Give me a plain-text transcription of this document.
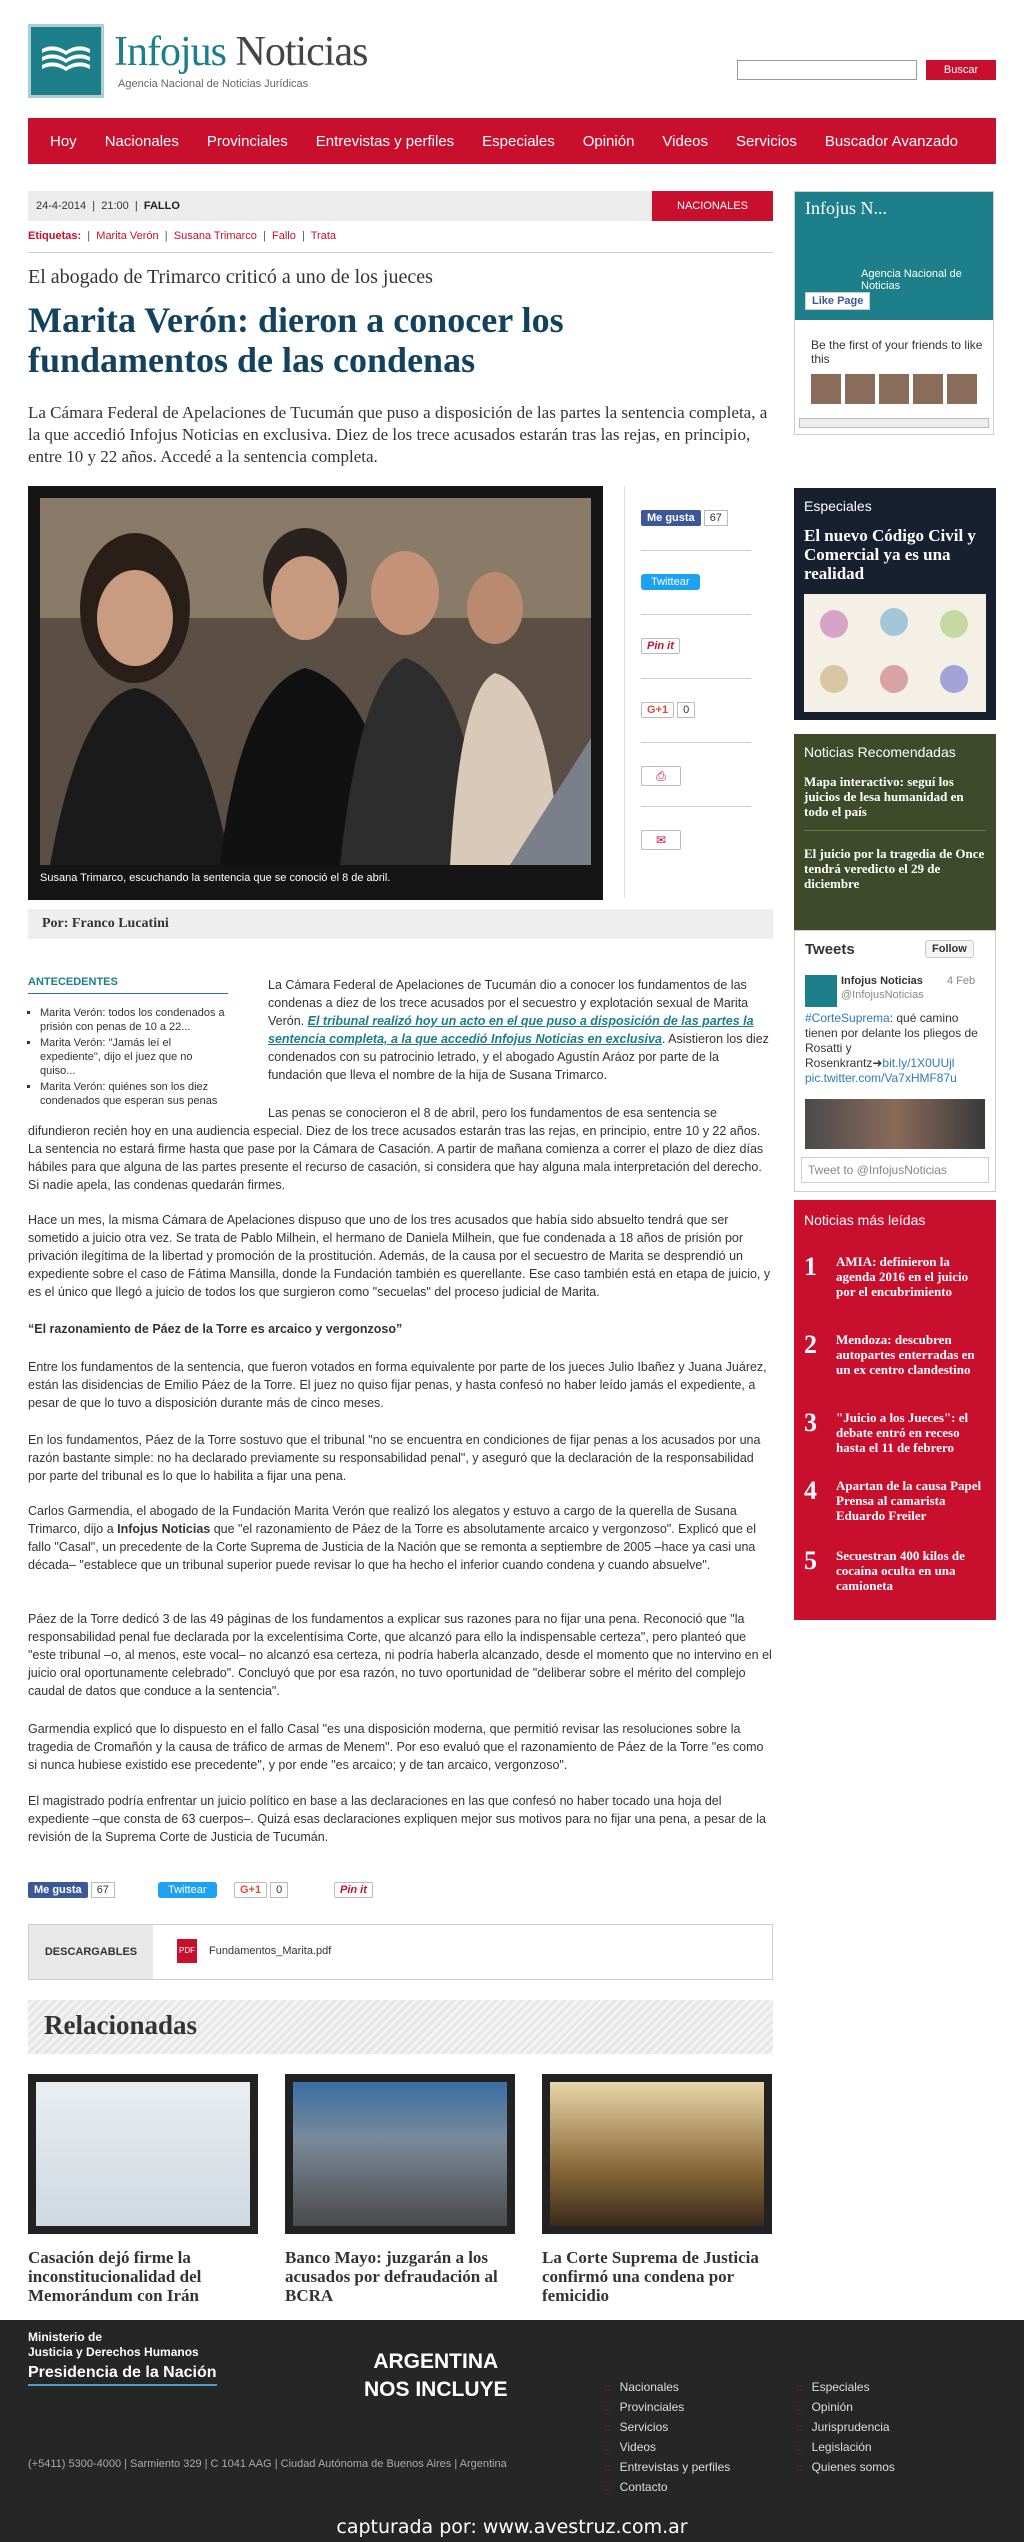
Infojus Noticias
Agencia Nacional de Noticias Jurídicas
Buscar
Hoy	Nacionales	Provinciales	Entrevistas y perfiles	Especiales	Opinión	Videos	Servicios	Buscador Avanzado
24-4-2014  |  21:00  |  FALLO	NACIONALES
Etiquetas:  |  Marita Verón  |  Susana Trimarco  |  Fallo  |  Trata
El abogado de Trimarco criticó a uno de los jueces
Marita Verón: dieron a conocer los fundamentos de las condenas
La Cámara Federal de Apelaciones de Tucumán que puso a disposición de las partes la sentencia completa, a la que accedió Infojus Noticias en exclusiva. Diez de los trece acusados estarán tras las rejas, en principio, entre 10 y 22 años. Accedé a la sentencia completa.
Susana Trimarco, escuchando la sentencia que se conoció el 8 de abril.
Me gusta 67
Twittear
Pin it
G+1 0
⎙
✉
Por: Franco Lucatini
ANTECEDENTES
▪ Marita Verón: todos los condenados a prisión con penas de 10 a 22...
▪ Marita Verón: "Jamás leí el expediente", dijo el juez que no quiso...
▪ Marita Verón: quiénes son los diez condenados que esperan sus penas
La Cámara Federal de Apelaciones de Tucumán dio a conocer los fundamentos de las condenas a diez de los trece acusados por el secuestro y explotación sexual de Marita Verón. El tribunal realizó hoy un acto en el que puso a disposición de las partes la sentencia completa, a la que accedió Infojus Noticias en exclusiva. Asistieron los diez condenados con su patrocinio letrado, y el abogado Agustín Aráoz por parte de la fundación que lleva el nombre de la hija de Susana Trimarco.
Las penas se conocieron el 8 de abril, pero los fundamentos de esa sentencia se difundieron recién hoy en una audiencia especial. Diez de los trece acusados estarán tras las rejas, en principio, entre 10 y 22 años. La sentencia no estará firme hasta que pase por la Cámara de Casación. A partir de mañana comienza a correr el plazo de diez días hábiles para que alguna de las partes presente el recurso de casación, si considera que hay alguna mala interpretación del derecho. Si nadie apela, las condenas quedarán firmes.
Hace un mes, la misma Cámara de Apelaciones dispuso que uno de los tres acusados que había sido absuelto tendrá que ser sometido a juicio otra vez. Se trata de Pablo Milhein, el hermano de Daniela Milhein, que fue condenada a 18 años de prisión por privación ilegítima de la libertad y promoción de la prostitución. Además, de la causa por el secuestro de Marita se desprendió un expediente sobre el caso de Fátima Mansilla, donde la Fundación también es querellante. Ese caso también está en etapa de juicio, y es el único que llegó a juicio de todos los que surgieron como "secuelas" del proceso judicial de Marita.
“El razonamiento de Páez de la Torre es arcaico y vergonzoso”
Entre los fundamentos de la sentencia, que fueron votados en forma equivalente por parte de los jueces Julio Ibañez y Juana Juárez, están las disidencias de Emilio Páez de la Torre. El juez no quiso fijar penas, y hasta confesó no haber leído jamás el expediente, a pesar de que lo tuvo a disposición durante más de cinco meses.
En los fundamentos, Páez de la Torre sostuvo que el tribunal "no se encuentra en condiciones de fijar penas a los acusados por una razón bastante simple: no ha declarado previamente su responsabilidad penal", y aseguró que la declaración de la responsabilidad por parte del tribunal es lo que lo habilita a fijar una pena.
Carlos Garmendia, el abogado de la Fundación Marita Verón que realizó los alegatos y estuvo a cargo de la querella de Susana Trimarco, dijo a Infojus Noticias que "el razonamiento de Páez de la Torre es absolutamente arcaico y vergonzoso". Explicó que el fallo "Casal", un precedente de la Corte Suprema de Justicia de la Nación que se remonta a septiembre de 2005 –hace ya casi una década– "establece que un tribunal superior puede revisar lo que ha hecho el inferior cuando condena y cuando absuelve".
Páez de la Torre dedicó 3 de las 49 páginas de los fundamentos a explicar sus razones para no fijar una pena. Reconoció que "la responsabilidad penal fue declarada por la excelentísima Corte, que alcanzó para ello la indispensable certeza", pero planteó que "este tribunal –o, al menos, este vocal– no alcanzó esa certeza, ni podría haberla alcanzado, desde el momento que no intervino en el juicio oral oportunamente celebrado". Concluyó que por esa razón, no tuvo oportunidad de "deliberar sobre el mérito del complejo caudal de datos que conduce a la sentencia".
Garmendia explicó que lo dispuesto en el fallo Casal "es una disposición moderna, que permitió revisar las resoluciones sobre la tragedia de Cromañón y la causa de tráfico de armas de Menem". Por eso evaluó que el razonamiento de Páez de la Torre "es como si nunca hubiese existido ese precedente", y por ende "es arcaico; y de tan arcaico, vergonzoso".
El magistrado podría enfrentar un juicio político en base a las declaraciones en las que confesó no haber tocado una hoja del expediente –que consta de 63 cuerpos–. Quizá esas declaraciones expliquen mejor sus motivos para no fijar una pena, a pesar de la revisión de la Suprema Corte de Justicia de Tucumán.
Me gusta 67	Twittear	G+1 0	Pin it
DESCARGABLES	PDF Fundamentos_Marita.pdf
Relacionadas
Casación dejó firme la inconstitucionalidad del Memorándum con Irán
Banco Mayo: juzgarán a los acusados por defraudación al BCRA
La Corte Suprema de Justicia confirmó una condena por femicidio
Infojus N...
Agencia Nacional de Noticias
Like Page
Be the first of your friends to like this
Especiales
El nuevo Código Civil y Comercial ya es una realidad
Noticias Recomendadas
Mapa interactivo: seguí los juicios de lesa humanidad en todo el país
El juicio por la tragedia de Once tendrá veredicto el 29 de diciembre
Tweets	Follow
Infojus Noticias
@InfojusNoticias
4 Feb
#CorteSuprema: qué camino tienen por delante los pliegos de Rosatti y Rosenkrantz➜bit.ly/1X0UUjl pic.twitter.com/Va7xHMF87u
Tweet to @InfojusNoticias
Noticias más leídas
1 AMIA: definieron la agenda 2016 en el juicio por el encubrimiento
2 Mendoza: descubren autopartes enterradas en un ex centro clandestino
3 "Juicio a los Jueces": el debate entró en receso hasta el 11 de febrero
4 Apartan de la causa Papel Prensa al camarista Eduardo Freiler
5 Secuestran 400 kilos de cocaína oculta en una camioneta
Ministerio de
Justicia y Derechos Humanos
Presidencia de la Nación
(+5411) 5300-4000 | Sarmiento 329 | C 1041 AAG | Ciudad Autónoma de Buenos Aires | Argentina
ARGENTINA
NOS INCLUYE
::	Nacionales
:: Provinciales
:: Servicios
:: Videos
:: Entrevistas y perfiles
:: Contacto
:: Especiales
:: Opinión
:: Jurisprudencia
:: Legislación
:: Quienes somos
capturada por: www.avestruz.com.ar
